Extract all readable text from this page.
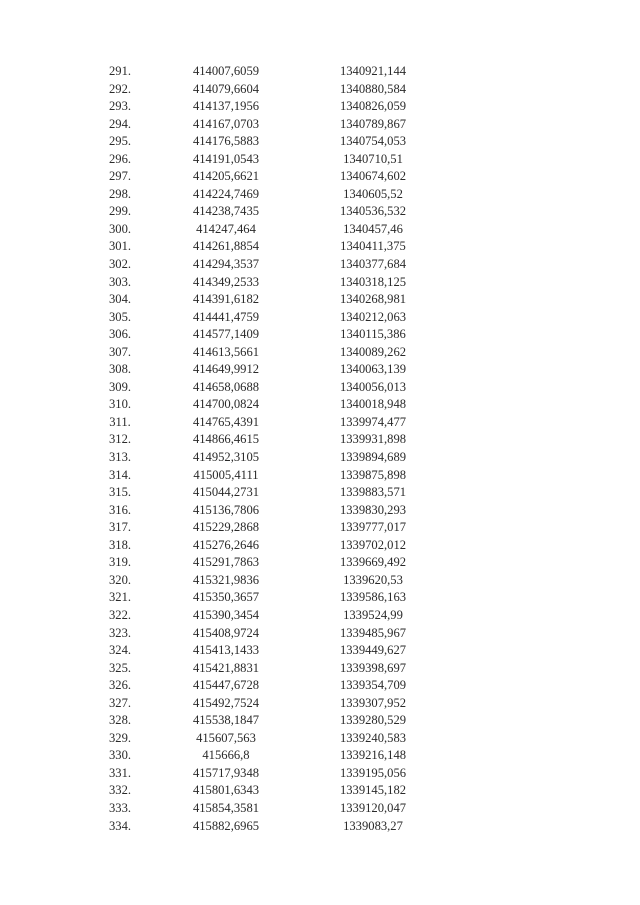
291.	414007,6059	1340921,144
292.	414079,6604	1340880,584
293.	414137,1956	1340826,059
294.	414167,0703	1340789,867
295.	414176,5883	1340754,053
296.	414191,0543	1340710,51
297.	414205,6621	1340674,602
298.	414224,7469	1340605,52
299.	414238,7435	1340536,532
300.	414247,464	1340457,46
301.	414261,8854	1340411,375
302.	414294,3537	1340377,684
303.	414349,2533	1340318,125
304.	414391,6182	1340268,981
305.	414441,4759	1340212,063
306.	414577,1409	1340115,386
307.	414613,5661	1340089,262
308.	414649,9912	1340063,139
309.	414658,0688	1340056,013
310.	414700,0824	1340018,948
311.	414765,4391	1339974,477
312.	414866,4615	1339931,898
313.	414952,3105	1339894,689
314.	415005,4111	1339875,898
315.	415044,2731	1339883,571
316.	415136,7806	1339830,293
317.	415229,2868	1339777,017
318.	415276,2646	1339702,012
319.	415291,7863	1339669,492
320.	415321,9836	1339620,53
321.	415350,3657	1339586,163
322.	415390,3454	1339524,99
323.	415408,9724	1339485,967
324.	415413,1433	1339449,627
325.	415421,8831	1339398,697
326.	415447,6728	1339354,709
327.	415492,7524	1339307,952
328.	415538,1847	1339280,529
329.	415607,563	1339240,583
330.	415666,8	1339216,148
331.	415717,9348	1339195,056
332.	415801,6343	1339145,182
333.	415854,3581	1339120,047
334.	415882,6965	1339083,27
